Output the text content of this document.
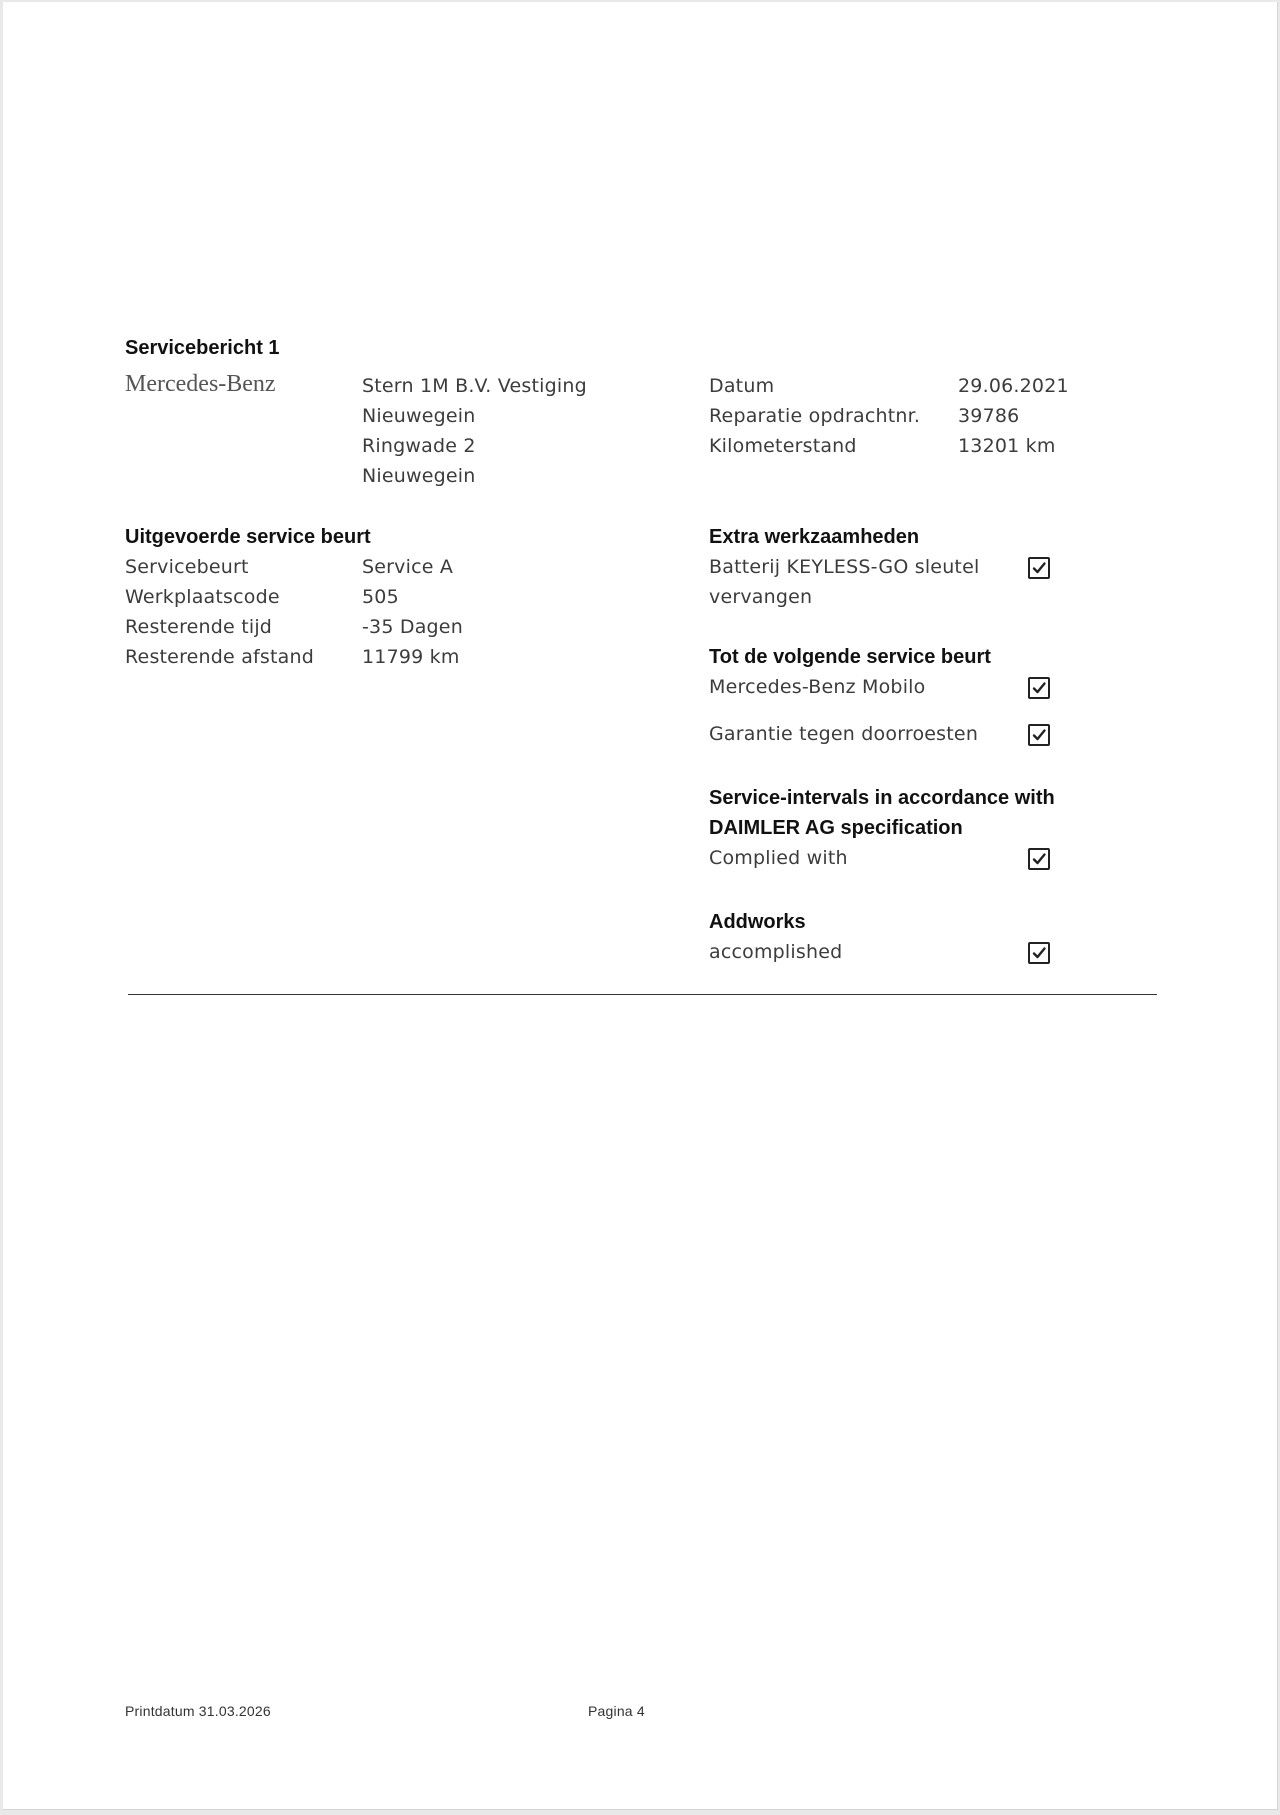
Servicebericht 1
Mercedes-Benz	Stern 1M B.V. Vestiging
Nieuwegein
Ringwade 2
Nieuwegein
Datum	29.06.2021
Reparatie opdrachtnr. 39786
Kilometerstand	13201 km
Uitgevoerde service beurt
Servicebeurt	Service A
Werkplaatscode	505
Resterende tijd	-35 Dagen
Resterende afstand	11799 km
Extra werkzaamheden
Batterij KEYLESS-GO sleutel
vervangen
Tot de volgende service beurt
Mercedes-Benz Mobilo
Garantie tegen doorroesten
Service-intervals in accordance with
DAIMLER AG specification
Complied with
Addworks
accomplished
Printdatum 31.03.2026	Pagina 4
